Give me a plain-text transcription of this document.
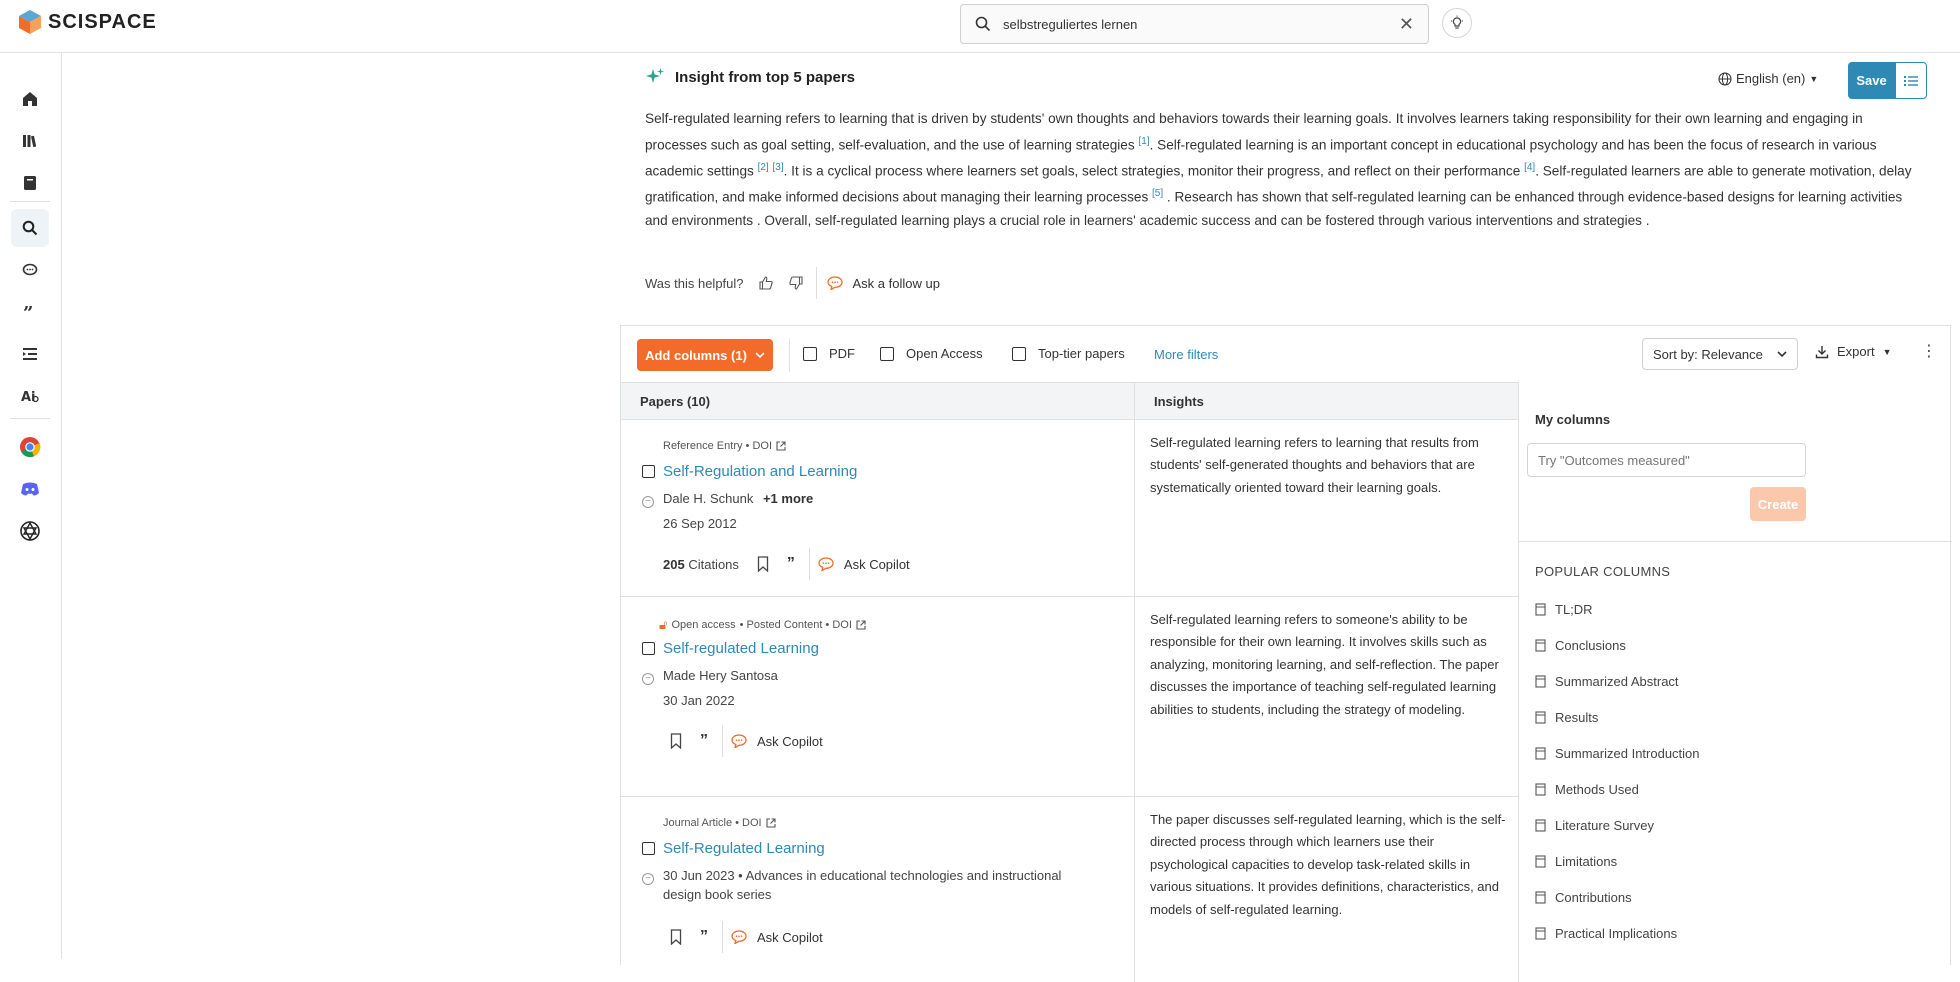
SCISPACE
selbstreguliertes lernen	✕
”
Ai
Insight from top 5 papers	English (en) ▼	Save
Self-regulated learning refers to learning that is driven by students' own thoughts and behaviors towards their learning goals. It involves learners taking responsibility for their own learning and engaging in processes such as goal setting, self-evaluation, and the use of learning strategies [1]. Self-regulated learning is an important concept in educational psychology and has been the focus of research in various academic settings [2] [3]. It is a cyclical process where learners set goals, select strategies, monitor their progress, and reflect on their performance [4]. Self-regulated learners are able to generate motivation, delay gratification, and make informed decisions about managing their learning processes [5] . Research has shown that self-regulated learning can be enhanced through evidence-based designs for learning activities and environments . Overall, self-regulated learning plays a crucial role in learners' academic success and can be fostered through various interventions and strategies .
Was this helpful?	Ask a follow up
Add columns (1)	PDF	Open Access	Top-tier papers More filters	Sort by: Relevance	Export ▼ ⋮
Papers (10)	Insights
Reference Entry • DOI
Self-Regulation and Learning
− Dale H. Schunk +1 more
26 Sep 2012
205 Citations	”	Ask Copilot
Self-regulated learning refers to learning that results from students' self-generated thoughts and behaviors that are systematically oriented toward their learning goals.
🔓︎ Open access • Posted Content • DOI
Self-regulated Learning
− Made Hery Santosa
30 Jan 2022
”	Ask Copilot
Self-regulated learning refers to someone's ability to be responsible for their own learning. It involves skills such as analyzing, monitoring learning, and self-reflection. The paper discusses the importance of teaching self-regulated learning abilities to students, including the strategy of modeling.
Journal Article • DOI
Self-Regulated Learning
− 30 Jun 2023 • Advances in educational technologies and instructional design book series
”	Ask Copilot
The paper discusses self-regulated learning, which is the self-directed process through which learners use their psychological capacities to develop task-related skills in various situations. It provides definitions, characteristics, and models of self-regulated learning.
My columns
Try "Outcomes measured"
Create
POPULAR COLUMNS
TL;DR
Conclusions
Summarized Abstract
Results
Summarized Introduction
Methods Used
Literature Survey
Limitations
Contributions
Practical Implications
